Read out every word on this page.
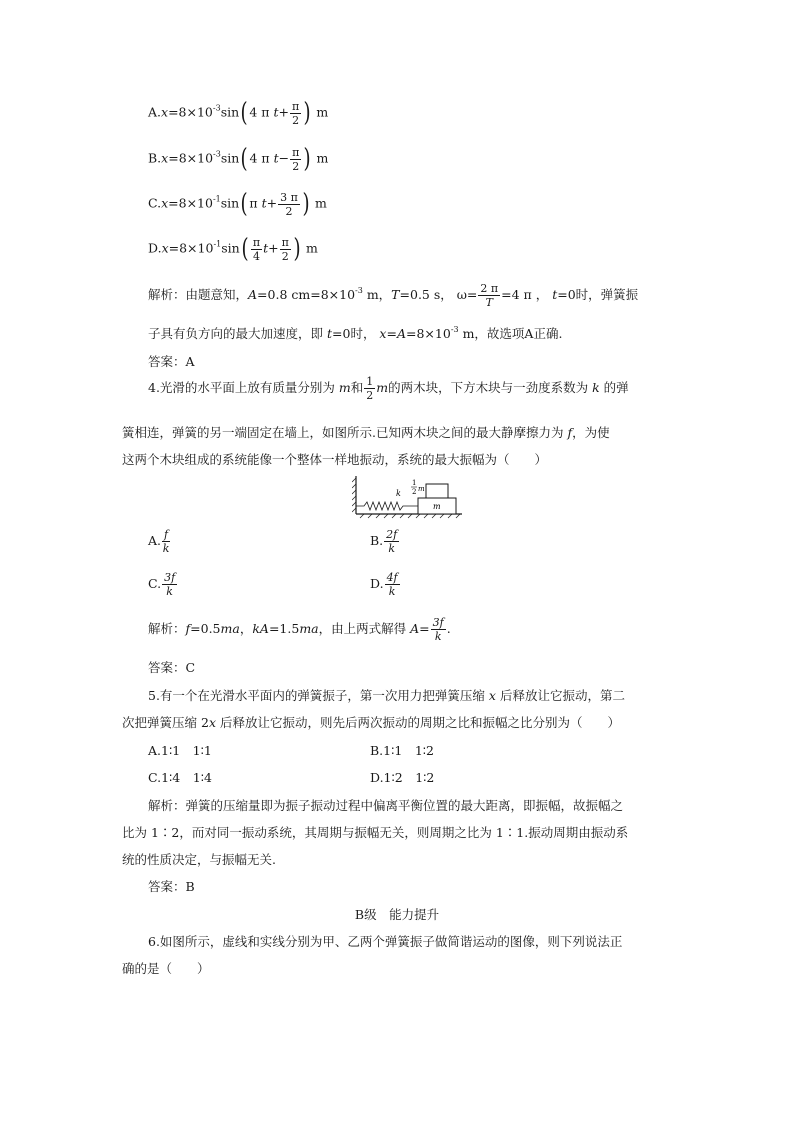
$A.x=8\times 10^{-3}\sin$( 4 π $t+ \frac{\pi}{2}$ ) m
$B.x=8\times 10^{-3}\sin$( 4 π $t- \frac{\pi}{2}$ ) m
$C.x=8\times 10^{-1}\sin$( π $t+ \frac{3 \pi}{2}$ ) m
$D.x=8\times 10^{-1}\sin( \frac{\pi}{4} t+ \frac{\pi}{2}$ ) m
解析：由题意知，A=0.8 $cm=8\times 10^{-3}$ m，T=0.5 s， $\omega= \frac{2 \pi}{T} =4$ π ， t=0时，弹簧振
子具有负方向的最大加速度，即 t=0时， $x=A=8\times 10^{-3}$ m，故选项A正确.
答案：A
4.光滑的水平面上放有质量分别为 m和 $\frac{1}{2}$ m的两木块，下方木块与一劲度系数为 k 的弹
簧相连，弹簧的另一端固定在墙上，如图所示.已知两木块之间的最大静摩擦力为 f，为使
这两个木块组成的系统能像一个整体一样地振动，系统的最大振幅为（　　）
k
m
1
2 m
A. $\frac{f}{k}$	B. $\frac{2f}{k}$
C. $\frac{3f}{k}$	D. $\frac{4f}{k}$
解析：f=0.5ma，kA=1.5ma，由上两式解得 $A= \frac{3f}{k}$ .
答案：C
5.有一个在光滑水平面内的弹簧振子，第一次用力把弹簧压缩 x 后释放让它振动，第二
次把弹簧压缩 2x 后释放让它振动，则先后两次振动的周期之比和振幅之比分别为（　　）
A.1∶1　1∶1	B.1∶1　1∶2
C.1∶4　1∶4	D.1∶2　1∶2
解析：弹簧的压缩量即为振子振动过程中偏离平衡位置的最大距离，即振幅，故振幅之
比为 1∶2，而对同一振动系统，其周期与振幅无关，则周期之比为 1∶1.振动周期由振动系
统的性质决定，与振幅无关.
答案：B
B级　能力提升
6.如图所示，虚线和实线分别为甲、乙两个弹簧振子做简谐运动的图像，则下列说法正
确的是（　　）
